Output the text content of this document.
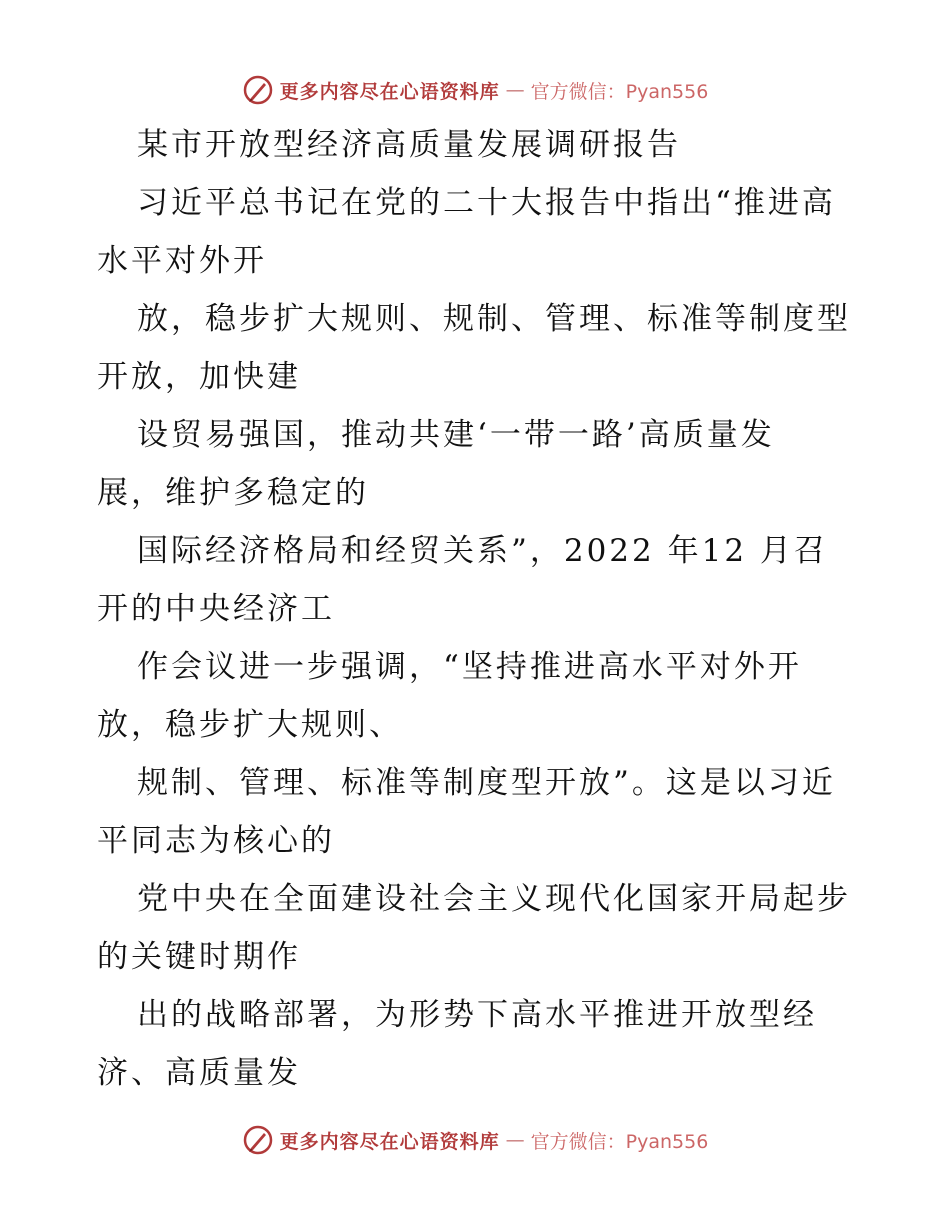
更多内容尽在心语资料库 — 官方微信：Pyan556
某市开放型经济高质量发展调研报告
习近平总书记在党的二十大报告中指出“推进高
水平对外开
放，稳步扩大规则、规制、管理、标准等制度型
开放，加快建
设贸易强国，推动共建‘一带一路’高质量发
展，维护多稳定的
国际经济格局和经贸关系”，2022 年12 月召
开的中央经济工
作会议进一步强调，“坚持推进高水平对外开
放，稳步扩大规则、
规制、管理、标准等制度型开放”。这是以习近
平同志为核心的
党中央在全面建设社会主义现代化国家开局起步
的关键时期作
出的战略部署，为形势下高水平推进开放型经
济、高质量发
更多内容尽在心语资料库 — 官方微信：Pyan556
